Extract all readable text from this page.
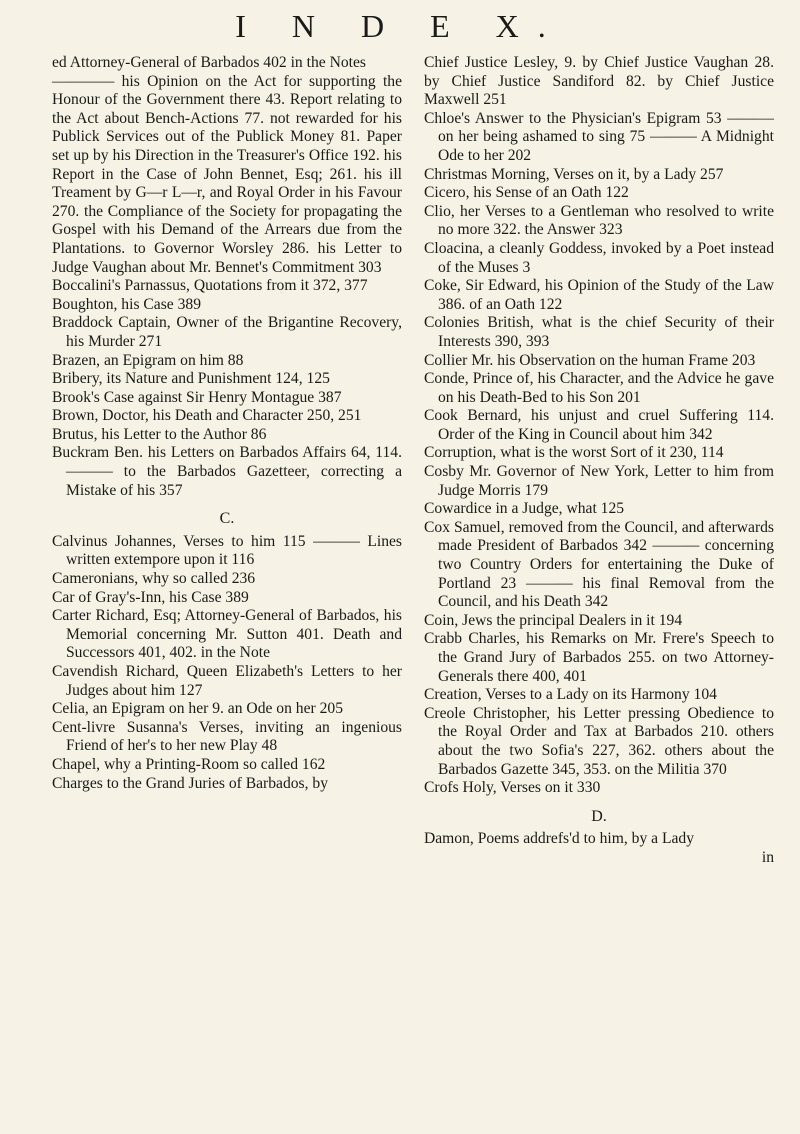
I N D E X.

ed Attorney-General of Barbados 402 in the Notes

———— his Opinion on the Act for supporting the Honour of the Government there 43. Report relating to the Act about Bench-Actions 77. not rewarded for his Publick Services out of the Publick Money 81. Paper set up by his Direction in the Treasurer's Office 192. his Report in the Case of John Bennet, Esq; 261. his ill Treament by G—r L—r, and Royal Order in his Favour 270. the Compliance of the Society for propagating the Gospel with his Demand of the Arrears due from the Plantations. to Governor Worsley 286. his Letter to Judge Vaughan about Mr. Bennet's Commitment 303

Boccalini's Parnassus, Quotations from it 372, 377

Boughton, his Case 389

Braddock Captain, Owner of the Brigantine Recovery, his Murder 271

Brazen, an Epigram on him 88

Bribery, its Nature and Punishment 124, 125

Brook's Case against Sir Henry Montague 387

Brown, Doctor, his Death and Character 250, 251

Brutus, his Letter to the Author 86

Buckram Ben. his Letters on Barbados Affairs 64, 114. ——— to the Barbados Gazetteer, correcting a Mistake of his 357

C.

Calvinus Johannes, Verses to him 115 ——— Lines written extempore upon it 116

Cameronians, why so called 236

Car of Gray's-Inn, his Case 389

Carter Richard, Esq; Attorney-General of Barbados, his Memorial concerning Mr. Sutton 401. Death and Successors 401, 402. in the Note

Cavendish Richard, Queen Elizabeth's Letters to her Judges about him 127

Celia, an Epigram on her 9. an Ode on her 205

Cent-livre Susanna's Verses, inviting an ingenious Friend of her's to her new Play 48

Chapel, why a Printing-Room so called 162

Charges to the Grand Juries of Barbados, by

Chief Justice Lesley, 9. by Chief Justice Vaughan 28. by Chief Justice Sandiford 82. by Chief Justice Maxwell 251

Chloe's Answer to the Physician's Epigram 53 ——— on her being ashamed to sing 75 ——— A Midnight Ode to her 202

Christmas Morning, Verses on it, by a Lady 257

Cicero, his Sense of an Oath 122

Clio, her Verses to a Gentleman who resolved to write no more 322. the Answer 323

Cloacina, a cleanly Goddess, invoked by a Poet instead of the Muses 3

Coke, Sir Edward, his Opinion of the Study of the Law 386. of an Oath 122

Colonies British, what is the chief Security of their Interests 390, 393

Collier Mr. his Observation on the human Frame 203

Conde, Prince of, his Character, and the Advice he gave on his Death-Bed to his Son 201

Cook Bernard, his unjust and cruel Suffering 114. Order of the King in Council about him 342

Corruption, what is the worst Sort of it 230, 114

Cosby Mr. Governor of New York, Letter to him from Judge Morris 179

Cowardice in a Judge, what 125

Cox Samuel, removed from the Council, and afterwards made President of Barbados 342 ——— concerning two Country Orders for entertaining the Duke of Portland 23 ——— his final Removal from the Council, and his Death 342

Coin, Jews the principal Dealers in it 194

Crabb Charles, his Remarks on Mr. Frere's Speech to the Grand Jury of Barbados 255. on two Attorney-Generals there 400, 401

Creation, Verses to a Lady on its Harmony 104

Creole Christopher, his Letter pressing Obedience to the Royal Order and Tax at Barbados 210. others about the two Sofia's 227, 362. others about the Barbados Gazette 345, 353. on the Militia 370

Crofs Holy, Verses on it 330

D.

Damon, Poems addrefs'd to him, by a Lady

in
